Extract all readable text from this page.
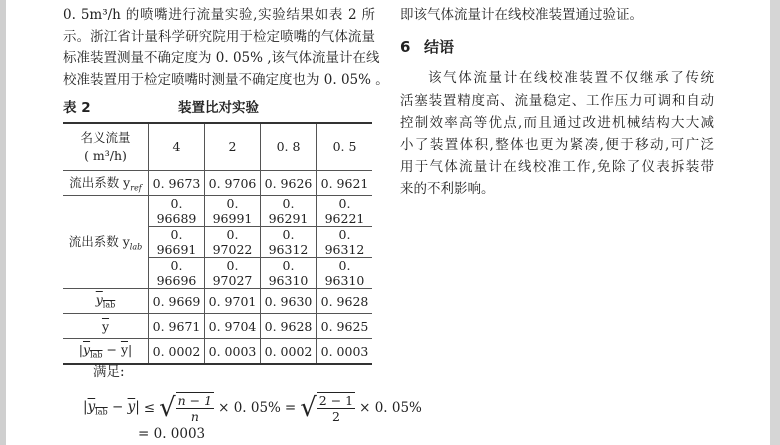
0. 5m³/h 的喷嘴进行流量实验,实验结果如表 2 所
示。浙江省计量科学研究院用于检定喷嘴的气体流量
标准装置测量不确定度为 0. 05% ,该气体流量计在线
校准装置用于检定喷嘴时测量不确定度也为 0. 05% 。
表 2	装置比对实验
名义流量
( m³/h)	4	2	0. 8	0. 5
流出系数 $y_{ref}$	0. 9673	0. 9706	0. 9626	0. 9621
流出系数 $y_{lab}$	0. 96689	0. 96991	0. 96291	0. 96221
	0. 96691	0. 97022	0. 96312	0. 96312
	0. 96696	0. 97027	0. 96310	0. 96310
$y_{lab}$	0. 9669	0. 9701	0. 9630	0. 9628
$\overline{y}$	0. 9671	0. 9704	0. 9628	0. 9625
$|y_{lab} - \overline{y}|$	0. 0002	0. 0003	0. 0002	0. 0003
满足:
$|y_{lab} - \overline{y}|$ ≤ √ $\frac{n - 1}{n} \times 0$. 05% = √ $\frac{2 - 1}{2} \times 0$. 05%
= 0. 0003
即该气体流量计在线校准装置通过验证。
6 结语
该气体流量计在线校准装置不仅继承了传统
活塞装置精度高、流量稳定、工作压力可调和自动
控制效率高等优点,而且通过改进机械结构大大减
小了装置体积,整体也更为紧凑,便于移动,可广泛
用于气体流量计在线校准工作,免除了仪表拆装带
来的不利影响。
